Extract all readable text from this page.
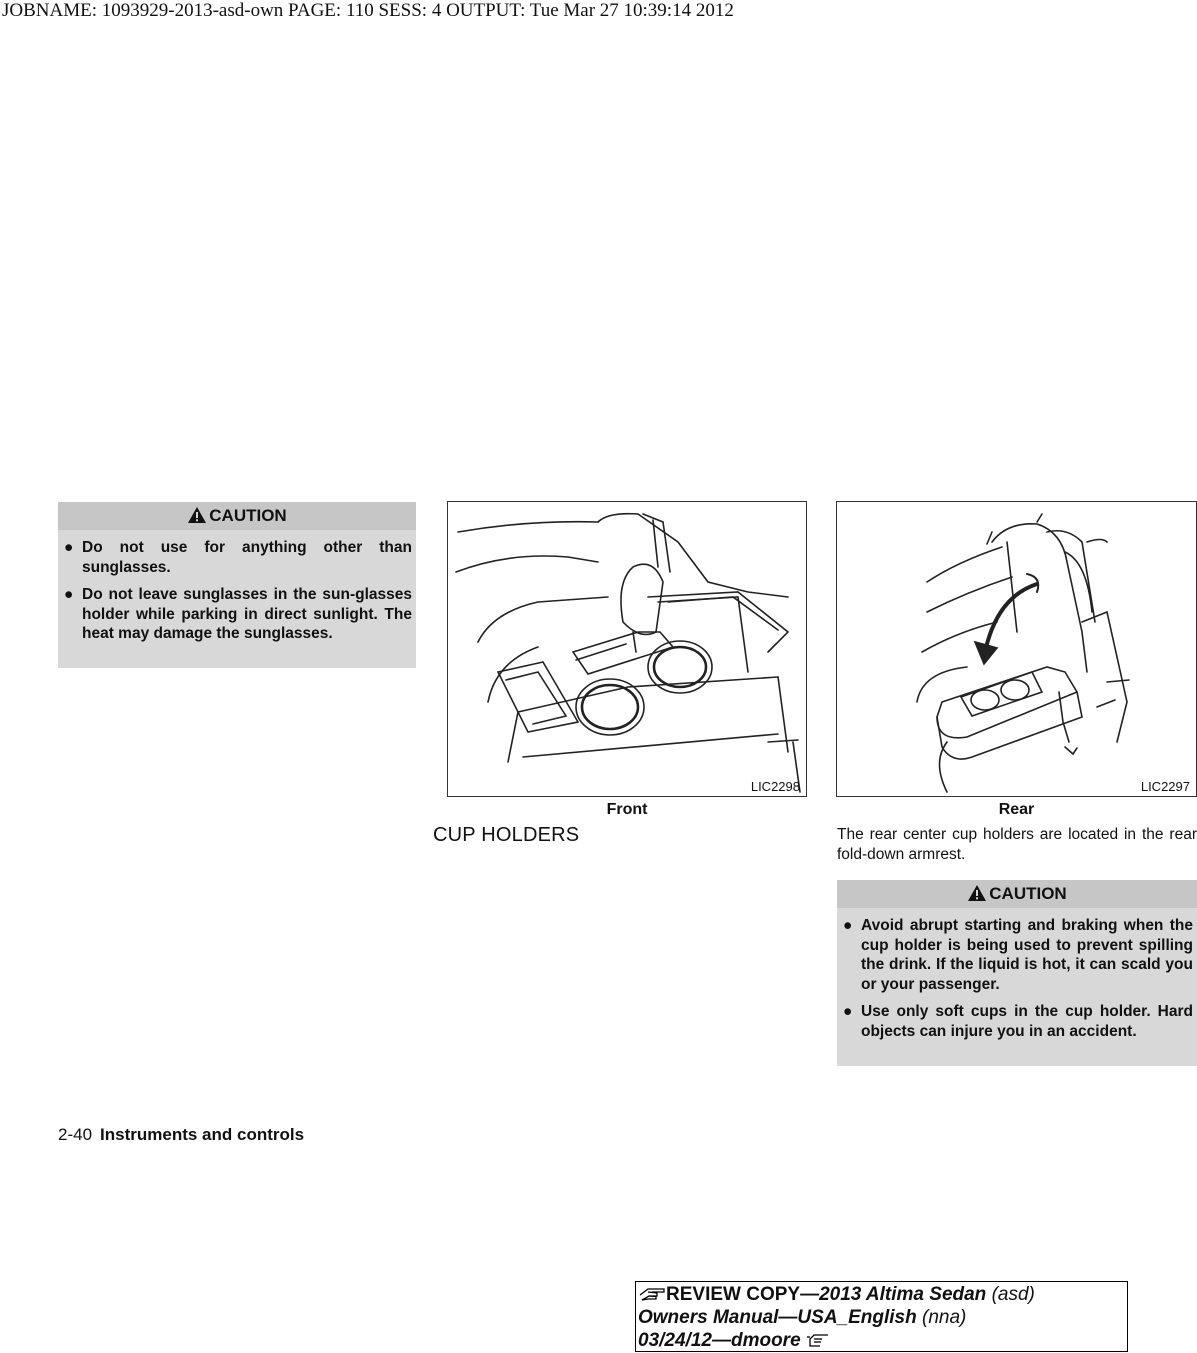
JOBNAME: 1093929-2013-asd-own PAGE: 110 SESS: 4 OUTPUT: Tue Mar 27 10:39:14 2012
CAUTION
● Do not use for anything other than sunglasses.
● Do not leave sunglasses in the sun-glasses holder while parking in direct sunlight. The heat may damage the sunglasses.
LIC2298
Front
LIC2297
Rear
CUP HOLDERS	The rear center cup holders are located in the rear fold-down armrest.
CAUTION
● Avoid abrupt starting and braking when the cup holder is being used to prevent spilling the drink. If the liquid is hot, it can scald you or your passenger.
● Use only soft cups in the cup holder. Hard objects can injure you in an accident.
2-40 Instruments and controls
REVIEW COPY—2013 Altima Sedan (asd)
Owners Manual—USA_English (nna)
03/24/12—dmoore
